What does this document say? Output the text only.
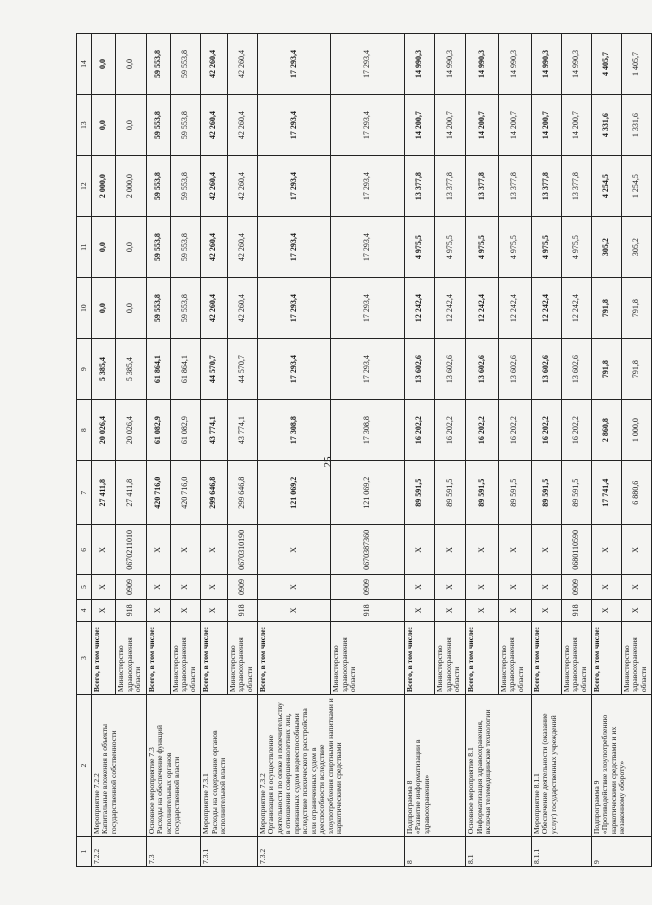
25
1	2	3	4	5	6	7	8	9	10	11	12	13	14
7.2.2	Мероприятие 7.2.2
Капитальные вложения в объекты государственной собственности	Всего, в том числе:	X	X	X	27 411,8	20 026,4	5 385,4	0,0	0,0	2 000,0	0,0	0,0
		Министерство здравоохранения области	918	0909	0670211010	27 411,8	20 026,4	5 385,4	0,0	0,0	2 000,0	0,0	0,0
7.3	Основное мероприятие 7.3
Расходы на обеспечение функций исполнительных органов государственной власти	Всего, в том числе:	X	X	X	420 716,0	61 082,9	61 864,1	59 553,8	59 553,8	59 553,8	59 553,8	59 553,8
		Министерство здравоохранения области	X	X	X	420 716,0	61 082,9	61 864,1	59 553,8	59 553,8	59 553,8	59 553,8	59 553,8
7.3.1	Мероприятие 7.3.1
Расходы на содержание органов исполнительной власти	Всего, в том числе:	X	X	X	299 646,8	43 774,1	44 570,7	42 260,4	42 260,4	42 260,4	42 260,4	42 260,4
		Министерство здравоохранения области	918	0909	0670310190	299 646,8	43 774,1	44 570,7	42 260,4	42 260,4	42 260,4	42 260,4	42 260,4
7.3.2	Мероприятие 7.3.2
Организация и осуществление деятельности по опеке и попечительству в отношении совершеннолетних лиц, признанных судом недееспособными вследствие психического расстройства или ограниченных судом в дееспособности вследствие злоупотребления спиртными напитками и наркотическими средствами	Всего, в том числе:	X	X	X	121 069,2	17 308,8	17 293,4	17 293,4	17 293,4	17 293,4	17 293,4	17 293,4
		Министерство здравоохранения области	918	0909	0670387360	121 069,2	17 308,8	17 293,4	17 293,4	17 293,4	17 293,4	17 293,4	17 293,4
8	Подпрограмма 8
«Развитие информатизации в здравоохранении»	Всего, в том числе:	X	X	X	89 591,5	16 202,2	13 602,6	12 242,4	4 975,5	13 377,8	14 200,7	14 990,3
		Министерство здравоохранения области	X	X	X	89 591,5	16 202,2	13 602,6	12 242,4	4 975,5	13 377,8	14 200,7	14 990,3
8.1	Основное мероприятие 8.1
Информатизация здравоохранения, включая телемедицинские технологии	Всего, в том числе:	X	X	X	89 591,5	16 202,2	13 602,6	12 242,4	4 975,5	13 377,8	14 200,7	14 990,3
		Министерство здравоохранения области	X	X	X	89 591,5	16 202,2	13 602,6	12 242,4	4 975,5	13 377,8	14 200,7	14 990,3
8.1.1	Мероприятие 8.1.1
Обеспечение деятельности (оказание услуг) государственных учреждений	Всего, в том числе:	X	X	X	89 591,5	16 202,2	13 602,6	12 242,4	4 975,5	13 377,8	14 200,7	14 990,3
		Министерство здравоохранения области	918	0909	0680110590	89 591,5	16 202,2	13 602,6	12 242,4	4 975,5	13 377,8	14 200,7	14 990,3
9	Подпрограмма 9
«Противодействие злоупотреблению наркотическими средствами и их незаконному обороту»	Всего, в том числе:	X	X	X	17 741,4	2 860,8	791,8	791,8	305,2	4 254,5	4 331,6	4 405,7
		Министерство здравоохранения области	X	X	X	6 880,6	1 000,0	791,8	791,8	305,2	1 254,5	1 331,6	1 405,7
